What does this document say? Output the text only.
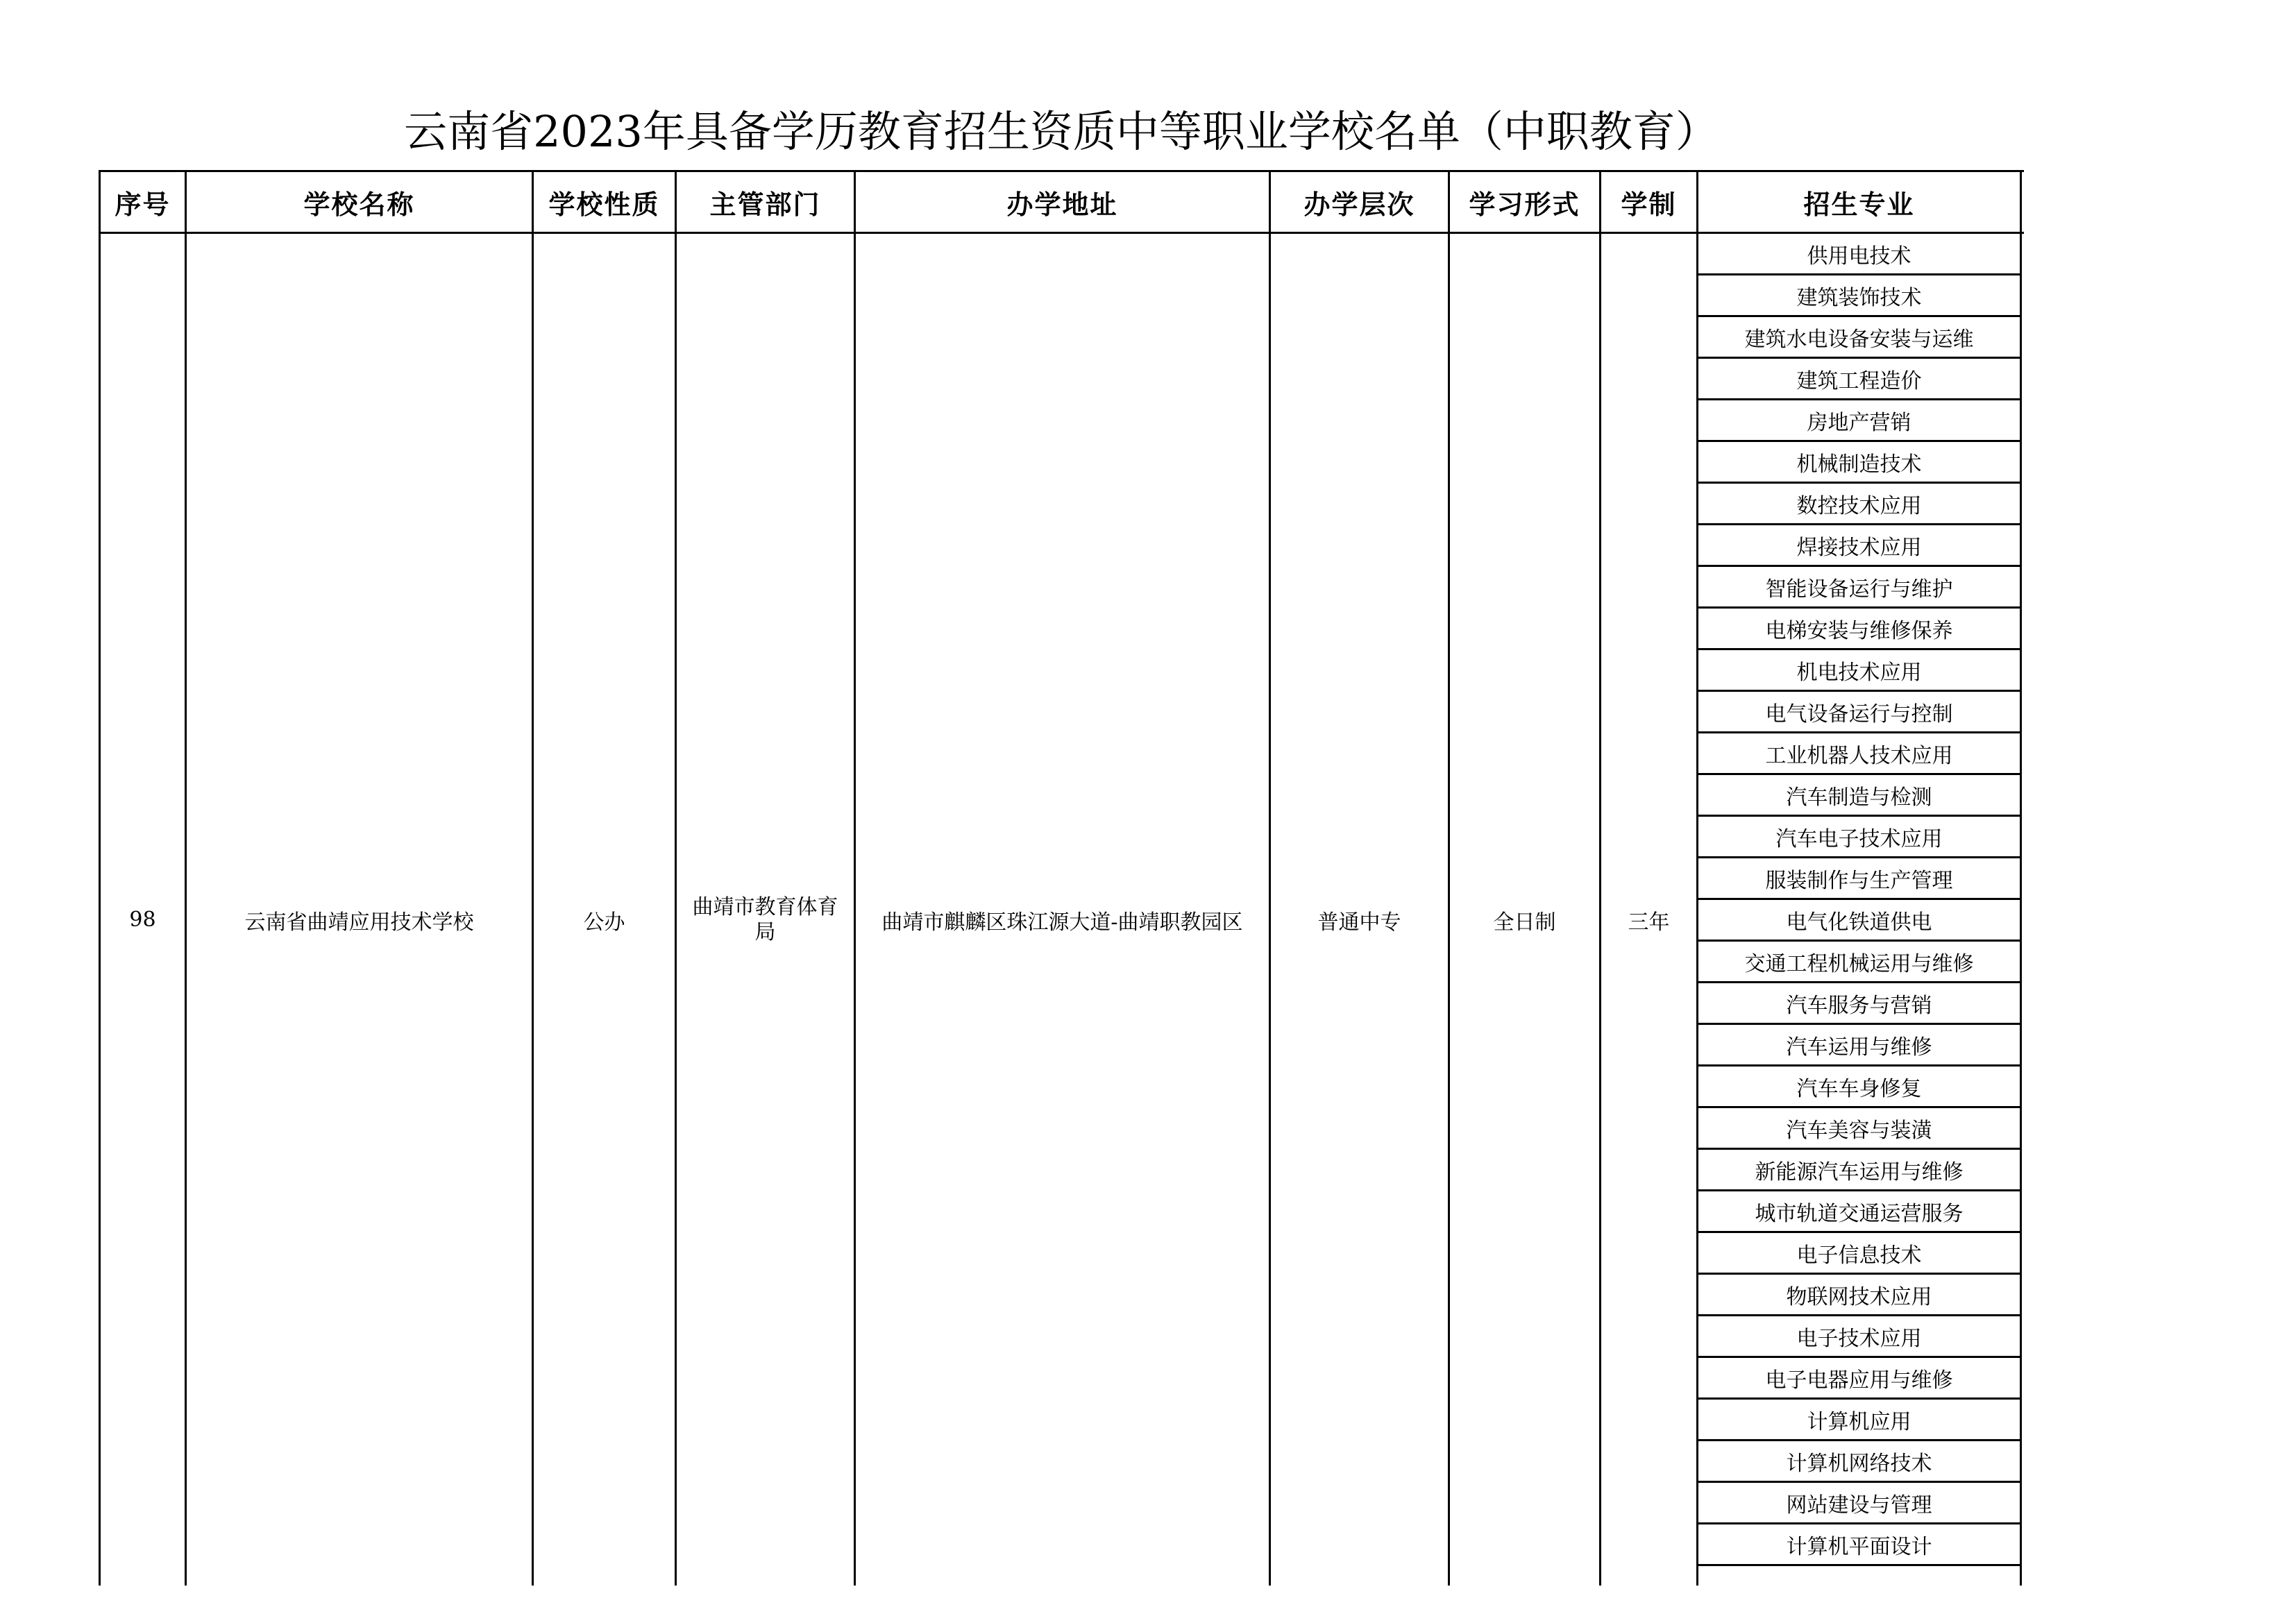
云南省2023年具备学历教育招生资质中等职业学校名单（中职教育）
序号	学校名称	学校性质	主管部门	办学地址	办学层次	学习形式	学制	招生专业	
98	云南省曲靖应用技术学校	公办	曲靖市教育体育局	曲靖市麒麟区珠江源大道-曲靖职教园区	普通中专	全日制	三年	供用电技术	
								建筑装饰技术	
								建筑水电设备安装与运维	
								建筑工程造价	
								房地产营销	
								机械制造技术	
								数控技术应用	
								焊接技术应用	
								智能设备运行与维护	
								电梯安装与维修保养	
								机电技术应用	
								电气设备运行与控制	
								工业机器人技术应用	
								汽车制造与检测	
								汽车电子技术应用	
								服装制作与生产管理	
								电气化铁道供电	
								交通工程机械运用与维修	
								汽车服务与营销	
								汽车运用与维修	
								汽车车身修复	
								汽车美容与装潢	
								新能源汽车运用与维修	
								城市轨道交通运营服务	
								电子信息技术	
								物联网技术应用	
								电子技术应用	
								电子电器应用与维修	
								计算机应用	
								计算机网络技术	
								网站建设与管理	
								计算机平面设计	
